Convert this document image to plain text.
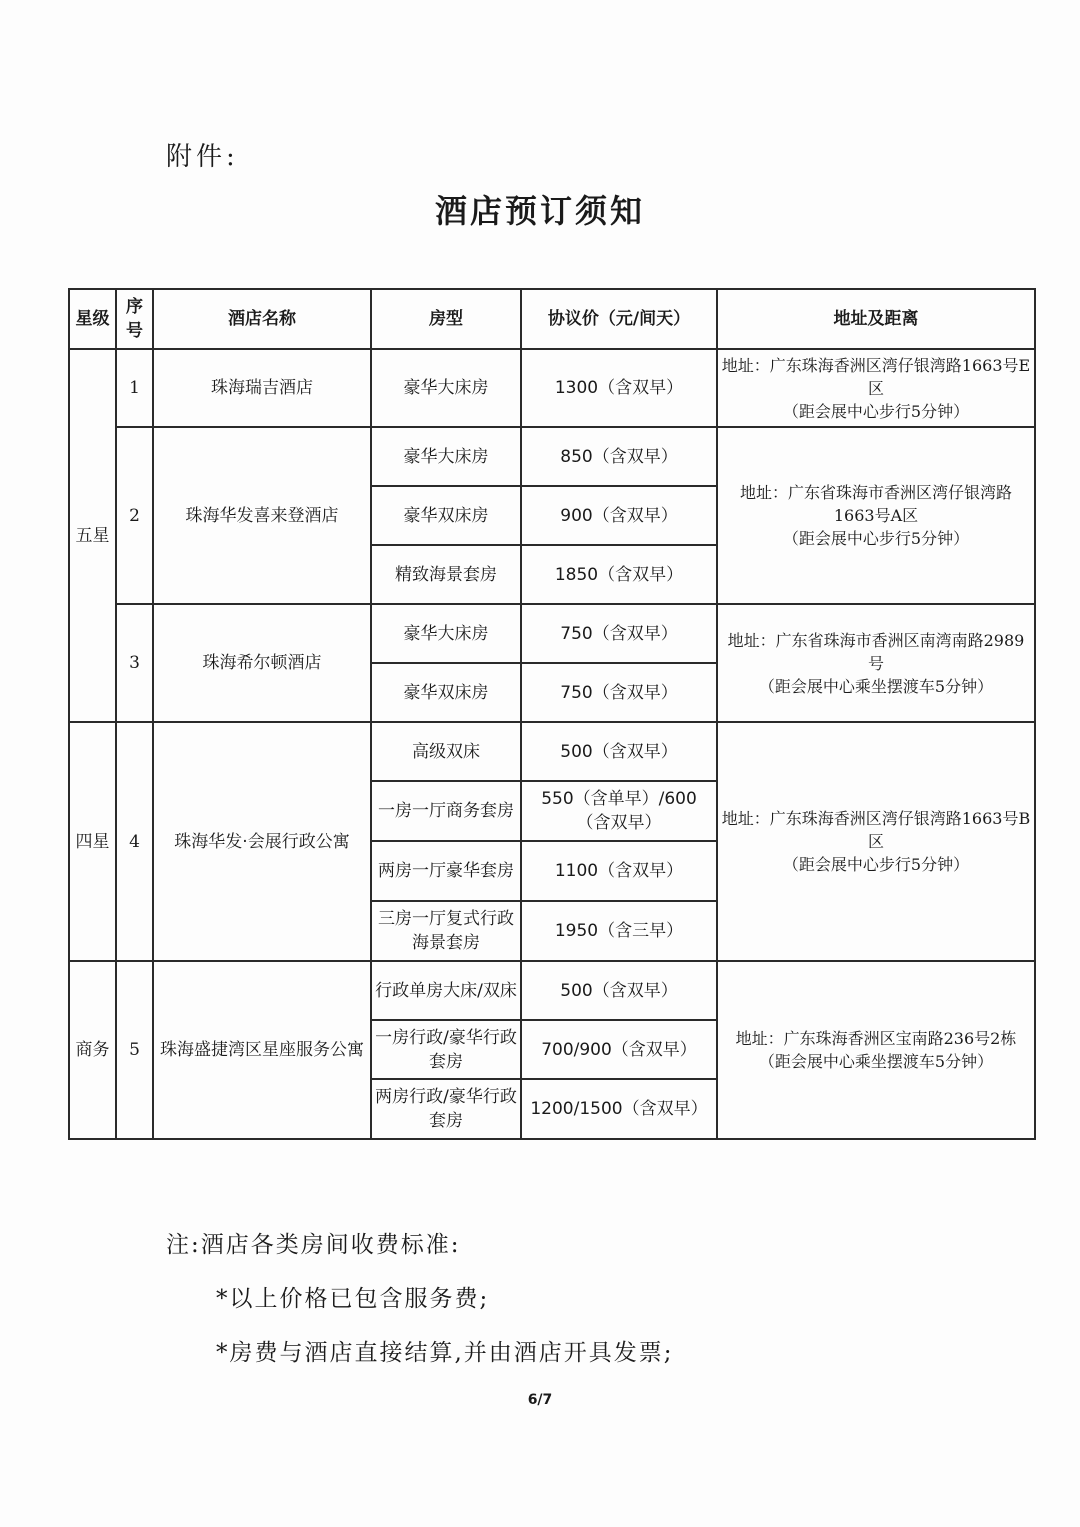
附件:
酒店预订须知
星级	序号	酒店名称	房型	协议价（元/间天）	地址及距离
五星	1	珠海瑞吉酒店	豪华大床房	1300（含双早）	地址：广东珠海香洲区湾仔银湾路1663号E区
（距会展中心步行5分钟）

	2	珠海华发喜来登酒店	豪华大床房	850（含双早）	地址：广东省珠海市香洲区湾仔银湾路1663号A区
（距会展中心步行5分钟）

			豪华双床房	900（含双早）	
			精致海景套房	1850（含双早）	
	3	珠海希尔顿酒店	豪华大床房	750（含双早）	地址：广东省珠海市香洲区南湾南路2989号
（距会展中心乘坐摆渡车5分钟）

			豪华双床房	750（含双早）	
四星	4	珠海华发·会展行政公寓	高级双床	500（含双早）	地址：广东珠海香洲区湾仔银湾路1663号B区
（距会展中心步行5分钟）

			一房一厅商务套房	550（含单早）/600（含双早）	
			两房一厅豪华套房	1100（含双早）	
			三房一厅复式行政海景套房	1950（含三早）	
商务	5	珠海盛捷湾区星座服务公寓	行政单房大床/双床	500（含双早）	地址：广东珠海香洲区宝南路236号2栋
（距会展中心乘坐摆渡车5分钟）

			一房行政/豪华行政套房	700/900（含双早）	
			两房行政/豪华行政套房	1200/1500（含双早）	
注:酒店各类房间收费标准:
*以上价格已包含服务费;
*房费与酒店直接结算,并由酒店开具发票;
6/7
